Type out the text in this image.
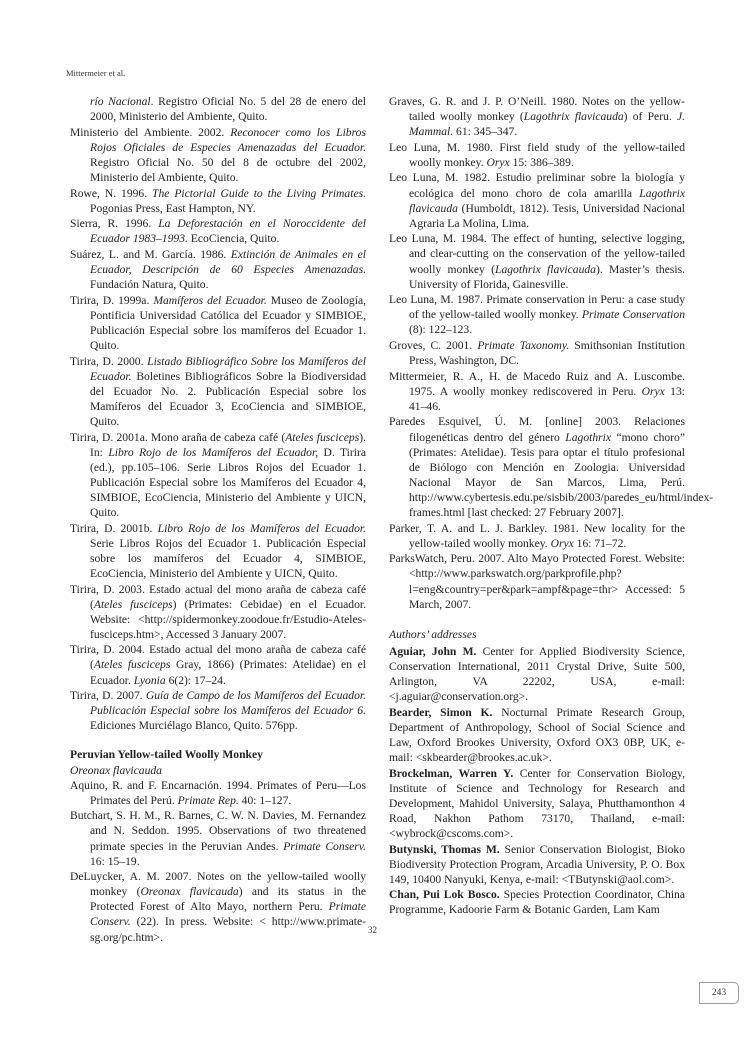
Mittermeier et al.

río Nacional. Registro Oficial No. 5 del 28 de enero del 2000, Ministerio del Ambiente, Quito.

Ministerio del Ambiente. 2002. Reconocer como los Libros Rojos Oficiales de Especies Amenazadas del Ecuador. Registro Oficial No. 50 del 8 de octubre del 2002, Ministerio del Ambiente, Quito.

Rowe, N. 1996. The Pictorial Guide to the Living Primates. Pogonias Press, East Hampton, NY.

Sierra, R. 1996. La Deforestación en el Noroccidente del Ecuador 1983–1993. EcoCiencia, Quito.

Suárez, L. and M. García. 1986. Extinción de Animales en el Ecuador, Descripción de 60 Especies Amenazadas. Fundación Natura, Quito.

Tirira, D. 1999a. Mamíferos del Ecuador. Museo de Zoología, Pontificia Universidad Católica del Ecuador y SIMBIOE, Publicación Especial sobre los mamíferos del Ecuador 1. Quito.

Tirira, D. 2000. Listado Bibliográfico Sobre los Mamíferos del Ecuador. Boletines Bibliográficos Sobre la Biodiversidad del Ecuador No. 2. Publicación Especial sobre los Mamíferos del Ecuador 3, EcoCiencia and SIMBIOE, Quito.

Tirira, D. 2001a. Mono araña de cabeza café (Ateles fusciceps). In: Libro Rojo de los Mamíferos del Ecuador, D. Tirira (ed.), pp.105–106. Serie Libros Rojos del Ecuador 1. Publicación Especial sobre los Mamíferos del Ecuador 4, SIMBIOE, EcoCiencia, Ministerio del Ambiente y UICN, Quito.

Tirira, D. 2001b. Libro Rojo de los Mamíferos del Ecuador. Serie Libros Rojos del Ecuador 1. Publicación Especial sobre los mamíferos del Ecuador 4, SIMBIOE, EcoCiencia, Ministerio del Ambiente y UICN, Quito.

Tirira, D. 2003. Estado actual del mono araña de cabeza café (Ateles fusciceps) (Primates: Cebidae) en el Ecuador. Website: <http://spidermonkey.zoodoue.fr/Estudio-Ateles-fusciceps.htm>, Accessed 3 January 2007.

Tirira, D. 2004. Estado actual del mono araña de cabeza café (Ateles fusciceps Gray, 1866) (Primates: Atelidae) en el Ecuador. Lyonia 6(2): 17–24.

Tirira, D. 2007. Guía de Campo de los Mamíferos del Ecuador. Publicación Especial sobre los Mamíferos del Ecuador 6. Ediciones Murciélago Blanco, Quito. 576pp.

Peruvian Yellow-tailed Woolly Monkey
Oreonax flavicauda

Aquino, R. and F. Encarnación. 1994. Primates of Peru—Los Primates del Perú. Primate Rep. 40: 1–127.

Butchart, S. H. M., R. Barnes, C. W. N. Davies, M. Fernandez and N. Seddon. 1995. Observations of two threatened primate species in the Peruvian Andes. Primate Conserv. 16: 15–19.

DeLuycker, A. M. 2007. Notes on the yellow-tailed woolly monkey (Oreonax flavicauda) and its status in the Protected Forest of Alto Mayo, northern Peru. Primate Conserv. (22). In press. Website: < http://www.primate-sg.org/pc.htm>.

Graves, G. R. and J. P. O’Neill. 1980. Notes on the yellow-tailed woolly monkey (Lagothrix flavicauda) of Peru. J. Mammal. 61: 345–347.

Leo Luna, M. 1980. First field study of the yellow-tailed woolly monkey. Oryx 15: 386–389.

Leo Luna, M. 1982. Estudio preliminar sobre la biología y ecológica del mono choro de cola amarilla Lagothrix flavicauda (Humboldt, 1812). Tesis, Universidad Nacional Agraria La Molina, Lima.

Leo Luna, M. 1984. The effect of hunting, selective logging, and clear-cutting on the conservation of the yellow-tailed woolly monkey (Lagothrix flavicauda). Master’s thesis. University of Florida, Gainesville.

Leo Luna, M. 1987. Primate conservation in Peru: a case study of the yellow-tailed woolly monkey. Primate Conservation (8): 122–123.

Groves, C. 2001. Primate Taxonomy. Smithsonian Institution Press, Washington, DC.

Mittermeier, R. A., H. de Macedo Ruiz and A. Luscombe. 1975. A woolly monkey rediscovered in Peru. Oryx 13: 41–46.

Paredes Esquivel, Ú. M. [online] 2003. Relaciones filogenéticas dentro del género Lagothrix “mono choro” (Primates: Atelidae). Tesis para optar el título profesional de Biólogo con Mención en Zoologia. Universidad Nacional Mayor de San Marcos, Lima, Perú. http://www.cybertesis.edu.pe/sisbib/2003/paredes_eu/html/index-frames.html [last checked: 27 February 2007].

Parker, T. A. and L. J. Barkley. 1981. New locality for the yellow-tailed woolly monkey. Oryx 16: 71–72.

ParksWatch, Peru. 2007. Alto Mayo Protected Forest. Website: <http://www.parkswatch.org/parkprofile.php?l=eng&country=per&park=ampf&page=thr> Accessed: 5 March, 2007.

Authors’ addresses

Aguiar, John M. Center for Applied Biodiversity Science, Conservation International, 2011 Crystal Drive, Suite 500, Arlington, VA 22202, USA, e-mail: <j.aguiar@conservation.org>.

Bearder, Simon K. Nocturnal Primate Research Group, Department of Anthropology, School of Social Science and Law, Oxford Brookes University, Oxford OX3 0BP, UK, e-mail: <skbearder@brookes.ac.uk>.

Brockelman, Warren Y. Center for Conservation Biology, Institute of Science and Technology for Research and Development, Mahidol University, Salaya, Phutthamonthon 4 Road, Nakhon Pathom 73170, Thailand, e-mail: <wybrock@cscoms.com>.

Butynski, Thomas M. Senior Conservation Biologist, Bioko Biodiversity Protection Program, Arcadia University, P. O. Box 149, 10400 Nanyuki, Kenya, e-mail: <TButynski@aol.com>.

Chan, Pui Lok Bosco. Species Protection Coordinator, China Programme, Kadoorie Farm & Botanic Garden, Lam Kam

32
243
